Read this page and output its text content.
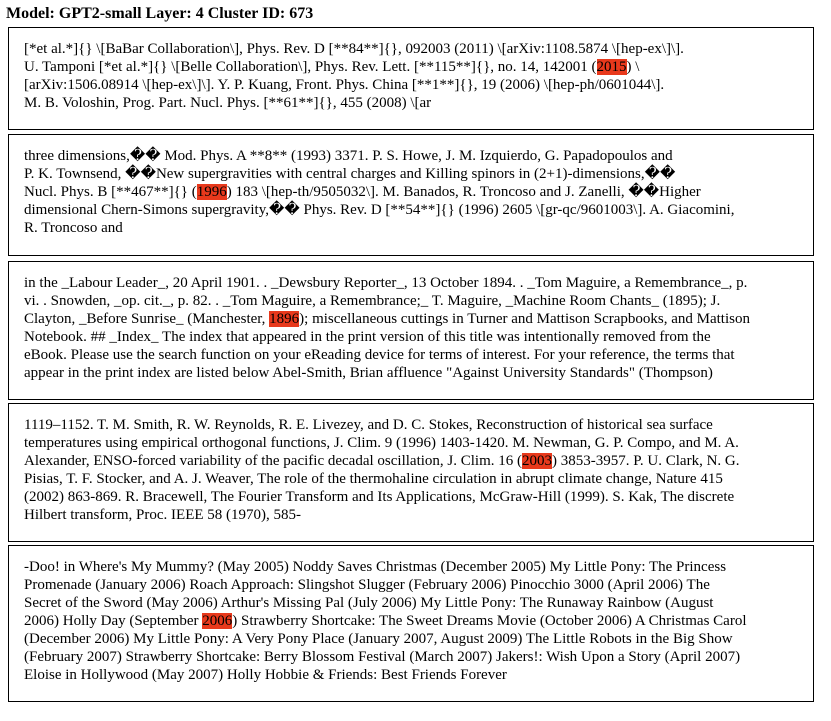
Model: GPT2-small Layer: 4 Cluster ID: 673

[*et al.*]{} \[BaBar Collaboration\], Phys. Rev. D [**84**]{}, 092003 (2011) \[arXiv:1108.5874 \[hep-ex\]\].

U. Tamponi [*et al.*]{} \[Belle Collaboration\], Phys. Rev. Lett. [**115**]{}, no. 14, 142001 (2015) \

[arXiv:1506.08914 \[hep-ex\]\]. Y. P. Kuang, Front. Phys. China [**1**]{}, 19 (2006) \[hep-ph/0601044\].

M. B. Voloshin, Prog. Part. Nucl. Phys. [**61**]{}, 455 (2008) \[ar

three dimensions,�� Mod. Phys. A **8** (1993) 3371. P. S. Howe, J. M. Izquierdo, G. Papadopoulos and

P. K. Townsend, ��New supergravities with central charges and Killing spinors in (2+1)-dimensions,��

Nucl. Phys. B [**467**]{} (1996) 183 \[hep-th/9505032\]. M. Banados, R. Troncoso and J. Zanelli, ��Higher

dimensional Chern-Simons supergravity,�� Phys. Rev. D [**54**]{} (1996) 2605 \[gr-qc/9601003\]. A. Giacomini,

R. Troncoso and

in the _Labour Leader_, 20 April 1901. . _Dewsbury Reporter_, 13 October 1894. . _Tom Maguire, a Remembrance_, p.

vi. . Snowden, _op. cit._, p. 82. . _Tom Maguire, a Remembrance;_ T. Maguire, _Machine Room Chants_ (1895); J.

Clayton, _Before Sunrise_ (Manchester, 1896); miscellaneous cuttings in Turner and Mattison Scrapbooks, and Mattison

Notebook. ## _Index_ The index that appeared in the print version of this title was intentionally removed from the

eBook. Please use the search function on your eReading device for terms of interest. For your reference, the terms that

appear in the print index are listed below Abel-Smith, Brian affluence "Against University Standards" (Thompson)

1119–1152. T. M. Smith, R. W. Reynolds, R. E. Livezey, and D. C. Stokes, Reconstruction of historical sea surface

temperatures using empirical orthogonal functions, J. Clim. 9 (1996) 1403-1420. M. Newman, G. P. Compo, and M. A.

Alexander, ENSO-forced variability of the pacific decadal oscillation, J. Clim. 16 (2003) 3853-3957. P. U. Clark, N. G.

Pisias, T. F. Stocker, and A. J. Weaver, The role of the thermohaline circulation in abrupt climate change, Nature 415

(2002) 863-869. R. Bracewell, The Fourier Transform and Its Applications, McGraw-Hill (1999). S. Kak, The discrete

Hilbert transform, Proc. IEEE 58 (1970), 585-

-Doo! in Where's My Mummy? (May 2005) Noddy Saves Christmas (December 2005) My Little Pony: The Princess

Promenade (January 2006) Roach Approach: Slingshot Slugger (February 2006) Pinocchio 3000 (April 2006) The

Secret of the Sword (May 2006) Arthur's Missing Pal (July 2006) My Little Pony: The Runaway Rainbow (August

2006) Holly Day (September 2006) Strawberry Shortcake: The Sweet Dreams Movie (October 2006) A Christmas Carol

(December 2006) My Little Pony: A Very Pony Place (January 2007, August 2009) The Little Robots in the Big Show

(February 2007) Strawberry Shortcake: Berry Blossom Festival (March 2007) Jakers!: Wish Upon a Story (April 2007)

Eloise in Hollywood (May 2007) Holly Hobbie & Friends: Best Friends Forever
